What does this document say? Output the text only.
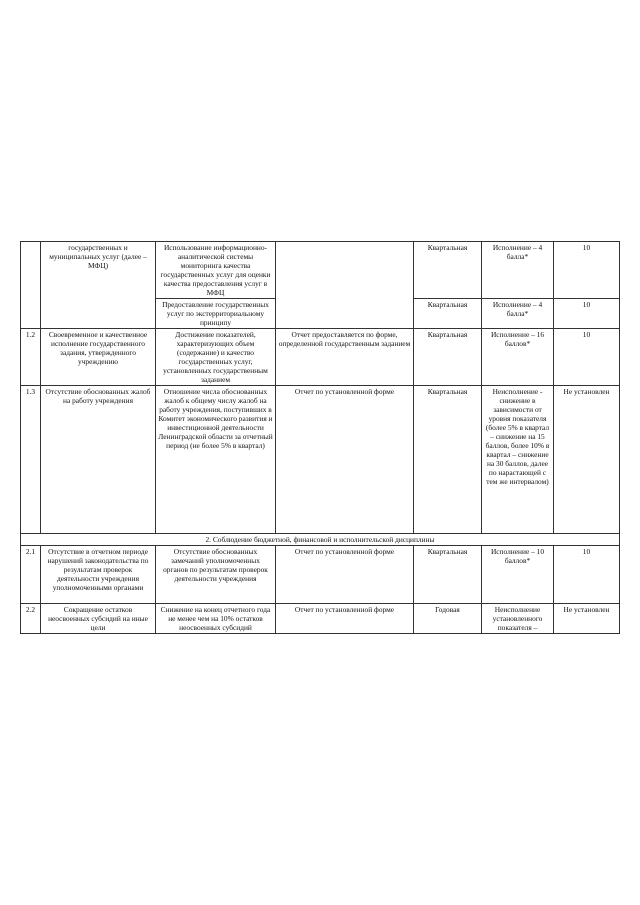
	государственных и муниципальных услуг (далее – МФЦ)	Использование информационно-аналитической системы мониторинга качества государственных услуг для оценки качества предоставления услуг в МФЦ		Квартальная	Исполнение – 4 балла*	10
		Предоставление государственных услуг по экстерриториальному принципу		Квартальная	Исполнение – 4 балла*	10
1.2	Своевременное и качественное исполнение государственного задания, утвержденного учреждению	Достижение показателей, характеризующих объем (содержание) и качество государственных услуг, установленных государственным заданием	Отчет предоставляется по форме, определенной государственным заданием	Квартальная	Исполнение – 16 баллов*	10
1.3	Отсутствие обоснованных жалоб на работу учреждения	Отношение числа обоснованных жалоб к общему числу жалоб на работу учреждения, поступивших в Комитет экономического развития и инвестиционной деятельности Ленинградской области за отчетный период (не более 5% в квартал)	Отчет по установленной форме	Квартальная	Неисполнение - снижение в зависимости от уровня показателя (более 5% в квартал – снижение на 15 баллов, более 10% в квартал – снижение на 30 баллов, далее по нарастающей с тем же интервалом)	Не установлен
2. Соблюдение бюджетной, финансовой и исполнительской дисциплины						
2.1	Отсутствие в отчетном периоде нарушений законодательства по результатам проверок деятельности учреждения уполномоченными органами	Отсутствие обоснованных замечаний уполномоченных органов по результатам проверок деятельности учреждения	Отчет по установленной форме	Квартальная	Исполнение – 10 баллов*	10
2.2	Сокращение остатков неосвоенных субсидий на иные цели	Снижение на конец отчетного года не менее чем на 10% остатков неосвоенных субсидий	Отчет по установленной форме	Годовая	Неисполнение установленного показателя –	Не установлен
